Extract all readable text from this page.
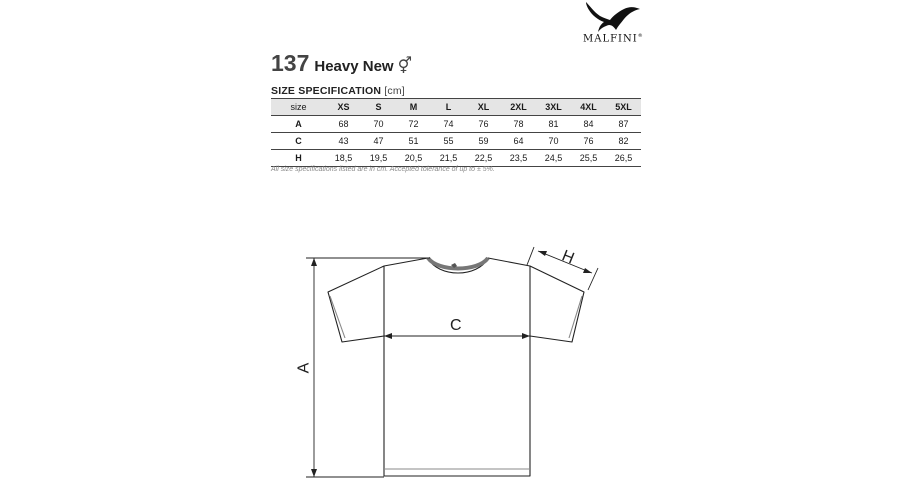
MALFINI®
137 Heavy New ⚥
SIZE SPECIFICATION [cm]
size	XS	S	M	L	XL	2XL	3XL	4XL	5XL
A	68	70	72	74	76	78	81	84	87
C	43	47	51	55	59	64	70	76	82
H	18,5	19,5	20,5	21,5	22,5	23,5	24,5	25,5	26,5
All size specifications listed are in cm. Accepted tolerance of up to ± 5%.
A
C
H
